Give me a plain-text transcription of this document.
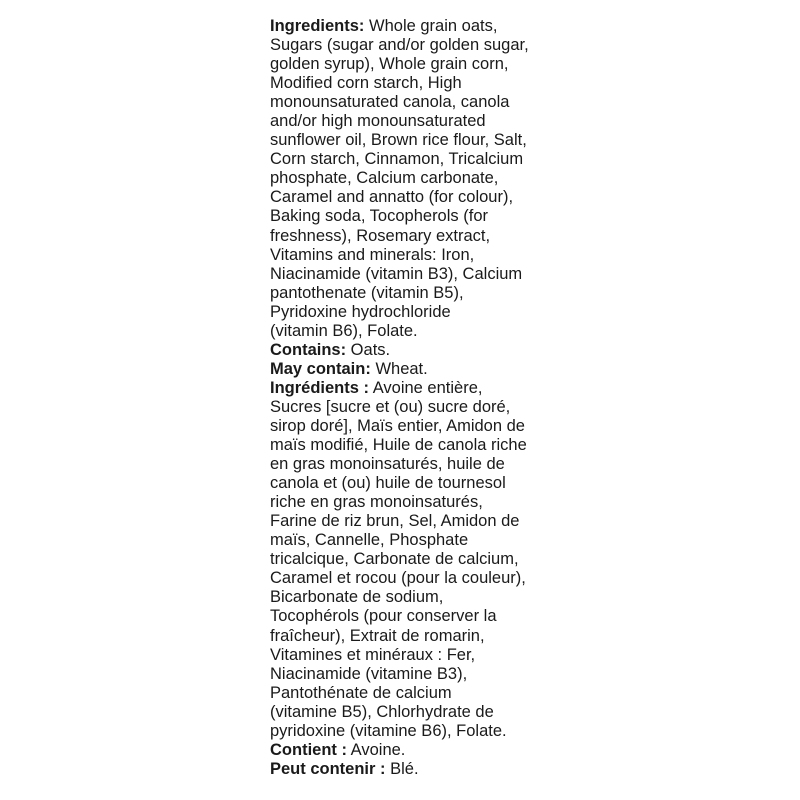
Ingredients: Whole grain oats,
Sugars (sugar and/or golden sugar,
golden syrup), Whole grain corn,
Modified corn starch, High
monounsaturated canola, canola
and/or high monounsaturated
sunflower oil, Brown rice flour, Salt,
Corn starch, Cinnamon, Tricalcium
phosphate, Calcium carbonate,
Caramel and annatto (for colour),
Baking soda, Tocopherols (for
freshness), Rosemary extract,
Vitamins and minerals: Iron,
Niacinamide (vitamin B3), Calcium
pantothenate (vitamin B5),
Pyridoxine hydrochloride
(vitamin B6), Folate.
Contains: Oats.
May contain: Wheat.
Ingrédients : Avoine entière,
Sucres [sucre et (ou) sucre doré,
sirop doré], Maïs entier, Amidon de
maïs modifié, Huile de canola riche
en gras monoinsaturés, huile de
canola et (ou) huile de tournesol
riche en gras monoinsaturés,
Farine de riz brun, Sel, Amidon de
maïs, Cannelle, Phosphate
tricalcique, Carbonate de calcium,
Caramel et rocou (pour la couleur),
Bicarbonate de sodium,
Tocophérols (pour conserver la
fraîcheur), Extrait de romarin,
Vitamines et minéraux : Fer,
Niacinamide (vitamine B3),
Pantothénate de calcium
(vitamine B5), Chlorhydrate de
pyridoxine (vitamine B6), Folate.
Contient : Avoine.
Peut contenir : Blé.
